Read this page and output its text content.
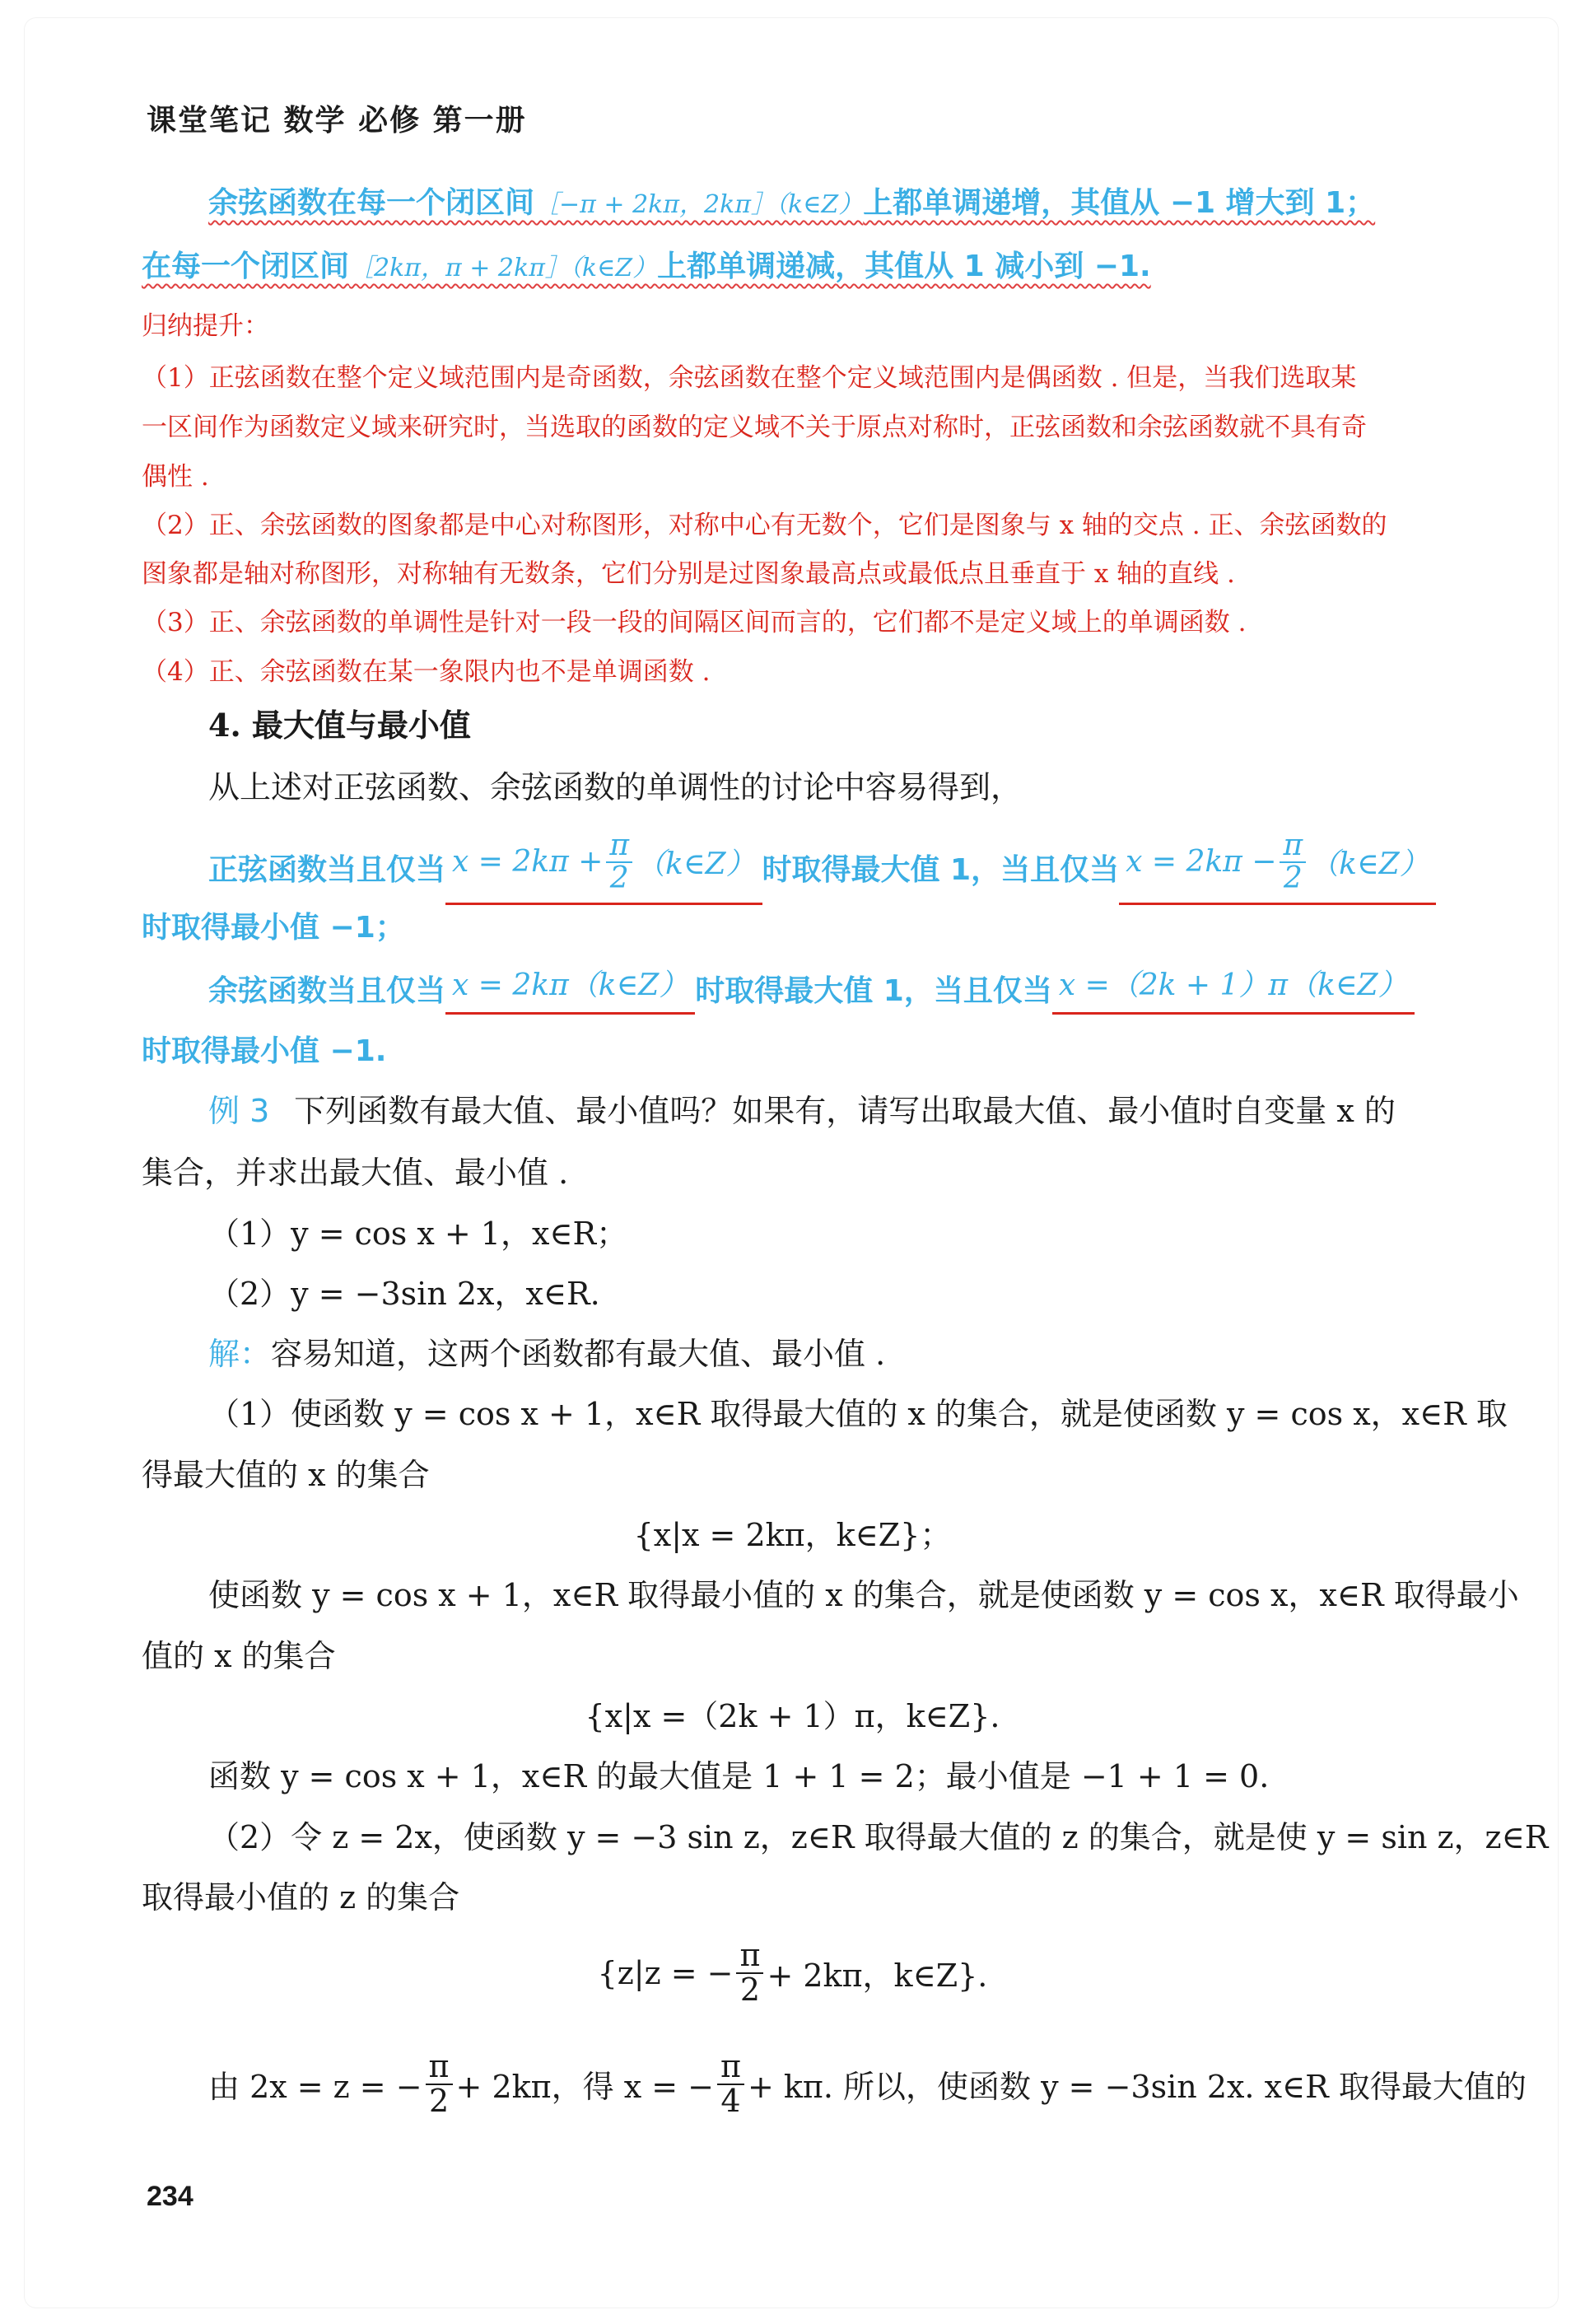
课堂笔记 数学 必修 第一册
余弦函数在每一个闭区间［−π + 2kπ，2kπ］（k∈Z）上都单调递增，其值从 −1 增大到 1；
在每一个闭区间［2kπ，π + 2kπ］（k∈Z）上都单调递减，其值从 1 减小到 −1.
归纳提升：
（1）正弦函数在整个定义域范围内是奇函数，余弦函数在整个定义域范围内是偶函数 . 但是，当我们选取某
一区间作为函数定义域来研究时，当选取的函数的定义域不关于原点对称时，正弦函数和余弦函数就不具有奇
偶性 .
（2）正、余弦函数的图象都是中心对称图形，对称中心有无数个，它们是图象与 x 轴的交点 . 正、余弦函数的
图象都是轴对称图形，对称轴有无数条，它们分别是过图象最高点或最低点且垂直于 x 轴的直线 .
（3）正、余弦函数的单调性是针对一段一段的间隔区间而言的，它们都不是定义域上的单调函数 .
（4）正、余弦函数在某一象限内也不是单调函数 .
4. 最大值与最小值
从上述对正弦函数、余弦函数的单调性的讨论中容易得到，
正弦函数当且仅当 $x = 2k\pi + \frac{\pi}{2}$ （k∈Z） 时取得最大值 1，当且仅当 $x = 2k\pi - \frac{\pi}{2}$ （k∈Z）
时取得最小值 −1；
余弦函数当且仅当 x = 2kπ（k∈Z） 时取得最大值 1，当且仅当 x =（2k + 1）π（k∈Z）
时取得最小值 −1.
例 3 下列函数有最大值、最小值吗？如果有，请写出取最大值、最小值时自变量 x 的
集合，并求出最大值、最小值 .
（1）y = cos x + 1，x∈R；
（2）y = −3sin 2x，x∈R.
解：容易知道，这两个函数都有最大值、最小值 .
（1）使函数 y = cos x + 1，x∈R 取得最大值的 x 的集合，就是使函数 y = cos x，x∈R 取
得最大值的 x 的集合
{x|x = 2kπ，k∈Z}；
使函数 y = cos x + 1，x∈R 取得最小值的 x 的集合，就是使函数 y = cos x，x∈R 取得最小
值的 x 的集合
{x|x =（2k + 1）π，k∈Z}.
函数 y = cos x + 1，x∈R 的最大值是 1 + 1 = 2；最小值是 −1 + 1 = 0.
（2）令 z = 2x，使函数 y = −3 sin z，z∈R 取得最大值的 z 的集合，就是使 y = sin z，z∈R
取得最小值的 z 的集合
{z|z = − $\frac{\pi}{2} + 2k\pi$，k∈Z}.
由 2x = z = − $\frac{\pi}{2} + 2k\pi$，得 x = − $\frac{\pi}{4} + k\pi$. 所以，使函数 y = −3sin 2x. x∈R 取得最大值的
234
